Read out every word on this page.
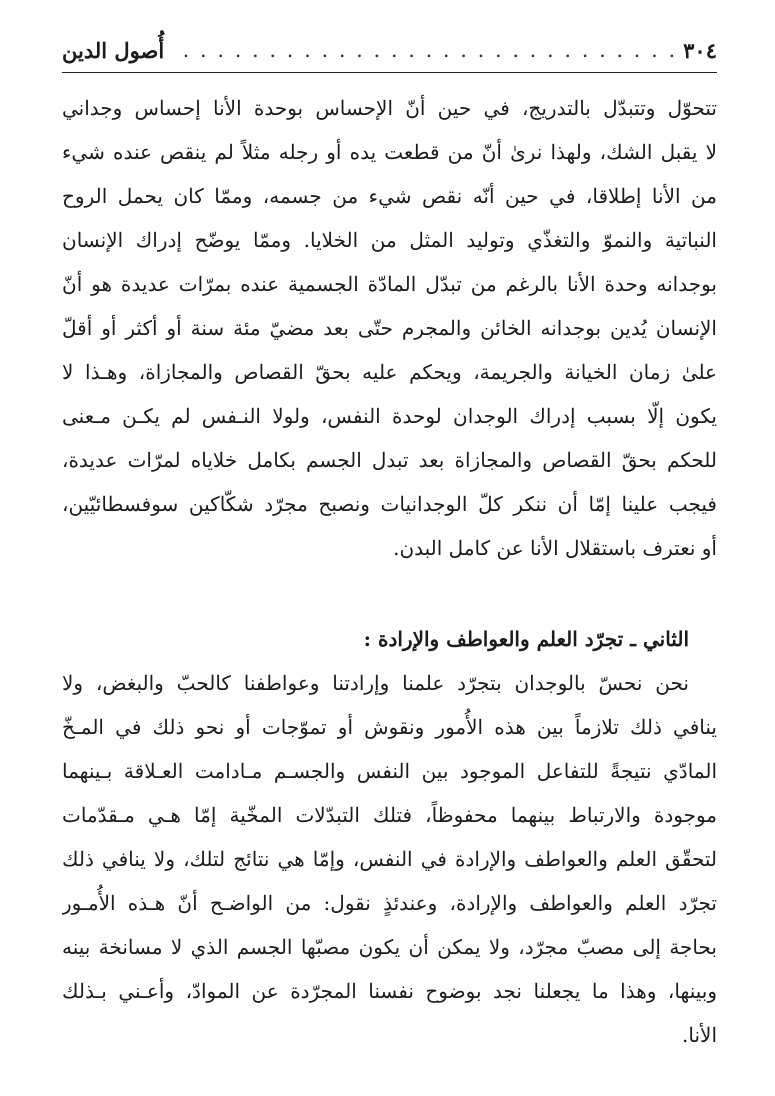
٣٠٤
. . .
أُصول الدين
تتحوّل وتتبدّل بالتدريج، في حين أنّ الإحساس بوحدة الأنا إحساس وجداني
لا يقبل الشك، ولهذا نرىٰ أنّ من قطعت يده أو رجله مثلاً لم ينقص عنده شيء
من الأنا إطلاقا، في حين أنّه نقص شيء من جسمه، وممّا كان يحمل الروح
النباتية والنموّ والتغذّي وتوليد المثل من الخلايا. وممّا يوضّح إدراك الإنسان
بوجدانه وحدة الأنا بالرغم من تبدّل المادّة الجسمية عنده بمرّات عديدة هو أنّ
الإنسان يُدين بوجدانه الخائن والمجرم حتّى بعد مضيّ مئة سنة أو أكثر أو أقلّ
علىٰ زمان الخيانة والجريمة، ويحكم عليه بحقّ القصاص والمجازاة، وهـذا لا
يكون إلّا بسبب إدراك الوجدان لوحدة النفس، ولولا النـفس لم يكـن مـعنى
للحكم بحقّ القصاص والمجازاة بعد تبدل الجسم بكامل خلاياه لمرّات عديدة،
فيجب علينا إمّا أن ننكر كلّ الوجدانيات ونصبح مجرّد شكّاكين سوفسطائيّين،
أو نعترف باستقلال الأنا عن كامل البدن.
الثاني ـ تجرّد العلم والعواطف والإرادة :
نحن نحسّ بالوجدان بتجرّد علمنا وإرادتنا وعواطفنا كالحبّ والبغض، ولا
ينافي ذلك تلازماً بين هذه الأُمور ونقوش أو تموّجات أو نحو ذلك في المـخّ
المادّي نتيجةً للتفاعل الموجود بين النفس والجسـم مـادامت العـلاقة بـينهما
موجودة والارتباط بينهما محفوظاً، فتلك التبدّلات المخّية إمّا هـي مـقدّمات
لتحقّق العلم والعواطف والإرادة في النفس، وإمّا هي نتائج لتلك، ولا ينافي ذلك
تجرّد العلم والعواطف والإرادة، وعندئذٍ نقول: من الواضـح أنّ هـذه الأُمـور
بحاجة إلى مصبّ مجرّد، ولا يمكن أن يكون مصبّها الجسم الذي لا مسانخة بينه
وبينها، وهذا ما يجعلنا نجد بوضوح نفسنا المجرّدة عن الموادّ، وأعـني بـذلك
الأنا.
